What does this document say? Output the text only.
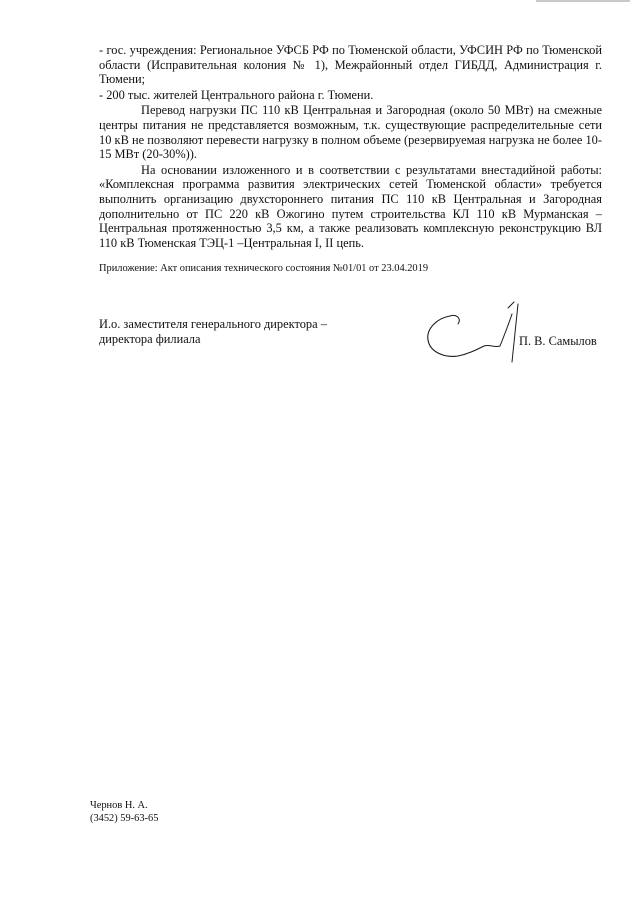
- гос. учреждения: Региональное УФСБ РФ по Тюменской области, УФСИН РФ по Тюменской области (Исправительная колония № 1), Межрайонный отдел ГИБДД, Администрация г. Тюмени;

- 200 тыс. жителей Центрального района г. Тюмени.

Перевод нагрузки ПС 110 кВ Центральная и Загородная (около 50 МВт) на смежные центры питания не представляется возможным, т.к. существующие распределительные сети 10 кВ не позволяют перевести нагрузку в полном объеме (резервируемая нагрузка не более 10-15 МВт (20-30%)).

На основании изложенного и в соответствии с результатами внестадийной работы: «Комплексная программа развития электрических сетей Тюменской области» требуется выполнить организацию двухстороннего питания ПС 110 кВ Центральная и Загородная дополнительно от ПС 220 кВ Ожогино путем строительства КЛ 110 кВ Мурманская – Центральная протяженностью 3,5 км, а также реализовать комплексную реконструкцию ВЛ 110 кВ Тюменская ТЭЦ-1 –Центральная I, II цепь.

Приложение: Акт описания технического состояния №01/01 от 23.04.2019
И.о. заместителя генерального директора –
директора филиала	П. В. Самылов
Чернов Н. А.
(3452) 59-63-65
